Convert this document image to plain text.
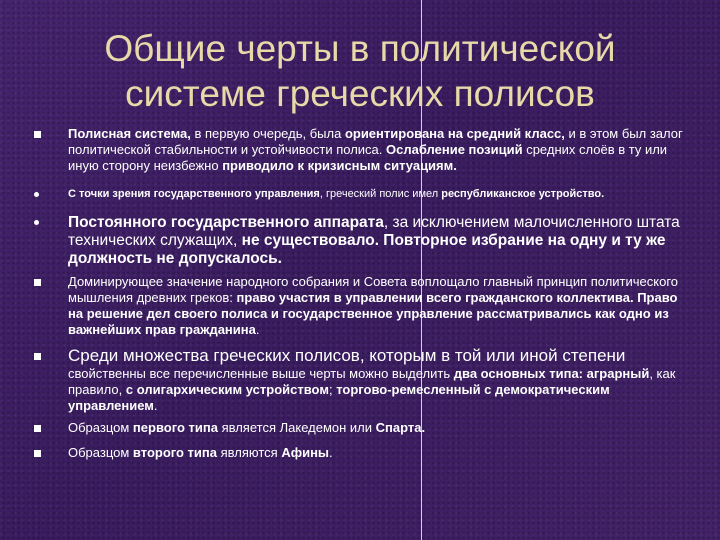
Общие черты в политической
системе греческих полисов
Полисная система, в первую очередь, была ориентирована на средний класс, и в этом был залог политической стабильности и устойчивости полиса. Ослабление позиций средних слоёв в ту или иную сторону неизбежно приводило к кризисным ситуациям.
С точки зрения государственного управления, греческий полис имел республиканское устройство.
Постоянного государственного аппарата, за исключением малочисленного штата технических служащих, не существовало. Повторное избрание на одну и ту же должность не допускалось.
Доминирующее значение народного собрания и Совета воплощало главный принцип политического мышления древних греков: право участия в управлении всего гражданского коллектива. Право на решение дел своего полиса и государственное управление рассматривались как одно из важнейших прав гражданина.
Среди множества греческих полисов, которым в той или иной степени свойственны все перечисленные выше черты можно выделить два основных типа: аграрный, как правило, с олигархическим устройством; торгово-ремесленный с демократическим управлением.
Образцом первого типа является Лакедемон или Спарта.
Образцом второго типа являются Афины.
